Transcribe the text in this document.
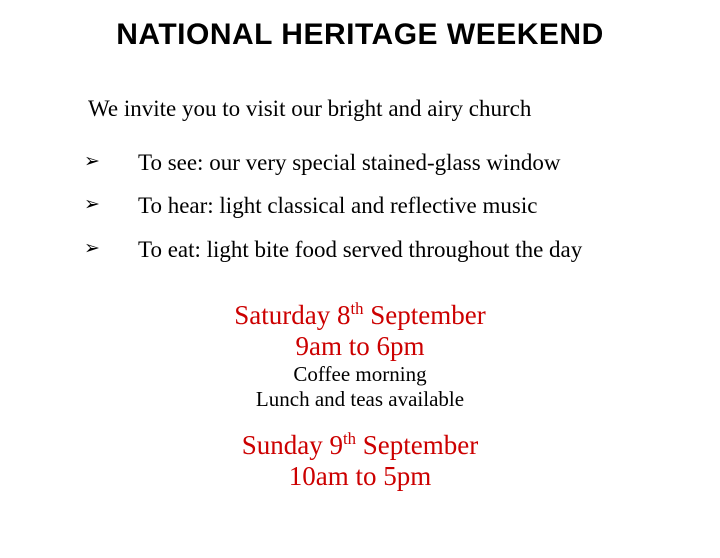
NATIONAL HERITAGE WEEKEND

We invite you to visit our bright and airy church

➢	To see: our very special stained-glass window
➢	To hear: light classical and reflective music
➢	To eat: light bite food served throughout the day
Saturday 8th September
9am to 6pm
Coffee morning
Lunch and teas available
Sunday 9th September
10am to 5pm
